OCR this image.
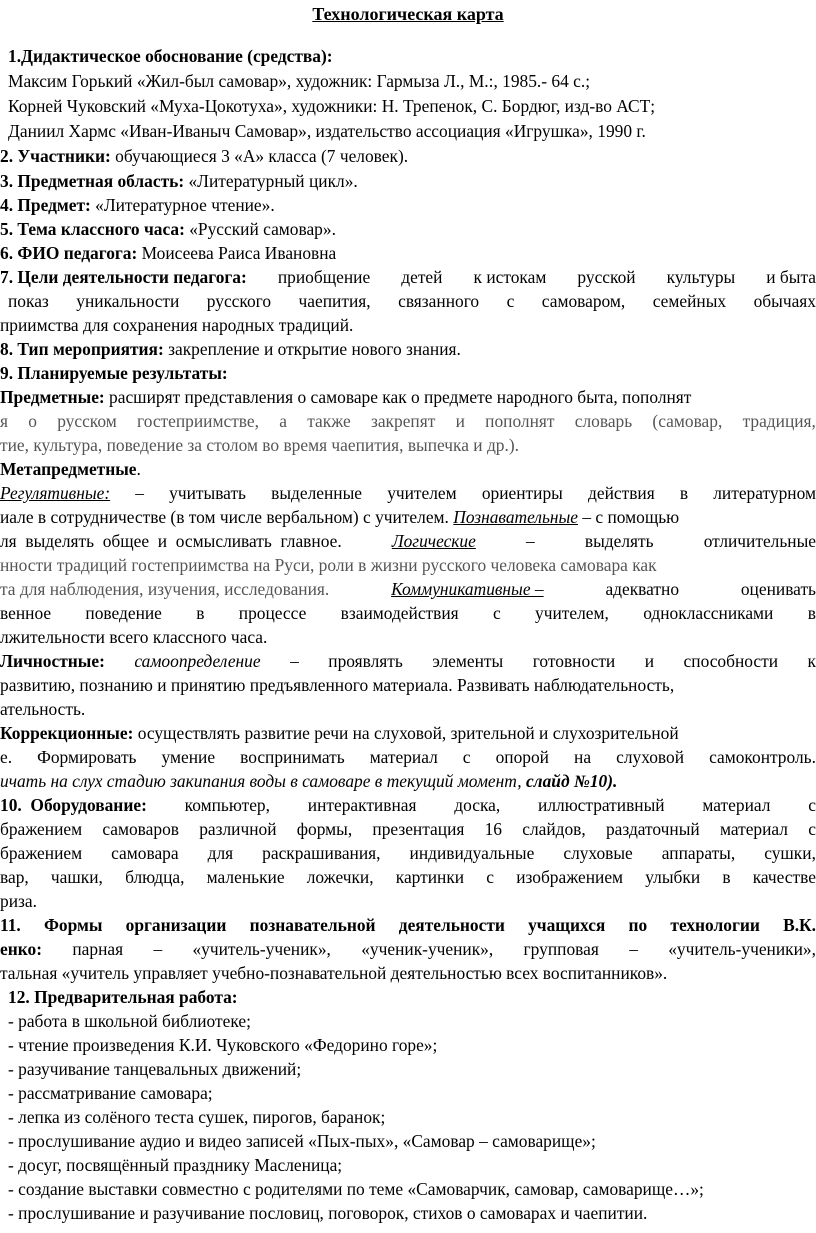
Технологическая карта
1.Дидактическое обоснование (средства):
Максим Горький «Жил-был самовар», художник: Гармыза Л., М.:, 1985.- 64 с.;
Корней Чуковский «Муха-Цокотуха», художники: Н. Трепенок, С. Бордюг, изд-во АСТ;
Даниил Хармс «Иван-Иваныч Самовар», издательство ассоциация «Игрушка», 1990 г.
2. Участники: обучающиеся 3 «А» класса (7 человек).
3. Предметная область: «Литературный цикл».
4. Предмет: «Литературное чтение».
5. Тема классного часа: «Русский самовар».
6. ФИО педагога: Моисеева Раиса Ивановна
7. Цели деятельности педагога: приобщение детей к истокам русской культуры и быта
показ уникальности русского чаепития, связанного с самоваром, семейных обычаях
приимства для сохранения народных традиций.
8. Тип мероприятия: закрепление и открытие нового знания.
9. Планируемые результаты:
Предметные: расширят представления о самоваре как о предмете народного быта, пополнят
я о русском гостеприимстве, а также закрепят и пополнят словарь (самовар, традиция,
тие, культура, поведение за столом во время чаепития, выпечка и др.).
Метапредметные.
Регулятивные: – учитывать выделенные учителем ориентиры действия в литературном
иале в сотрудничестве (в том числе вербальном) с учителем. Познавательные – с помощью
ля  выделять  общее  и  осмысливать  главное.	Логические	–	выделять	отличительные
нности традиций гостеприимства на Руси, роли в жизни русского человека самовара как
та для наблюдения, изучения, исследования.	Коммуникативные –	адекватно	оценивать
венное поведение в процессе взаимодействия с учителем, одноклассниками в
лжительности всего классного часа.
Личностные: самоопределение – проявлять элементы готовности и способности к
развитию, познанию и принятию предъявленного материала. Развивать наблюдательность,
ательность.
Коррекционные: осуществлять развитие речи на слуховой, зрительной и слухозрительной
е. Формировать умение воспринимать материал с опорой на слуховой самоконтроль.
ичать на слух стадию закипания воды в самоваре в текущий момент, слайд №10).
10.  Оборудование: компьютер, интерактивная доска, иллюстративный материал с
бражением самоваров различной формы, презентация 16 слайдов, раздаточный материал с
бражением самовара для раскрашивания, индивидуальные слуховые аппараты, сушки,
вар, чашки, блюдца, маленькие ложечки, картинки с изображением улыбки в качестве
риза.
11. Формы организации познавательной деятельности учащихся по технологии В.К.
енко: парная – «учитель-ученик», «ученик-ученик», групповая – «учитель-ученики»,
тальная «учитель управляет учебно-познавательной деятельностью всех воспитанников».
12. Предварительная работа:
- работа в школьной библиотеке;
- чтение произведения К.И. Чуковского «Федорино горе»;
- разучивание танцевальных движений;
- рассматривание самовара;
- лепка из солёного теста сушек, пирогов, баранок;
- прослушивание аудио и видео записей «Пых-пых», «Самовар – самоварище»;
- досуг, посвящённый празднику Масленица;
- создание выставки совместно с родителями по теме «Самоварчик, самовар, самоварище…»;
- прослушивание и разучивание пословиц, поговорок, стихов о самоварах и чаепитии.
